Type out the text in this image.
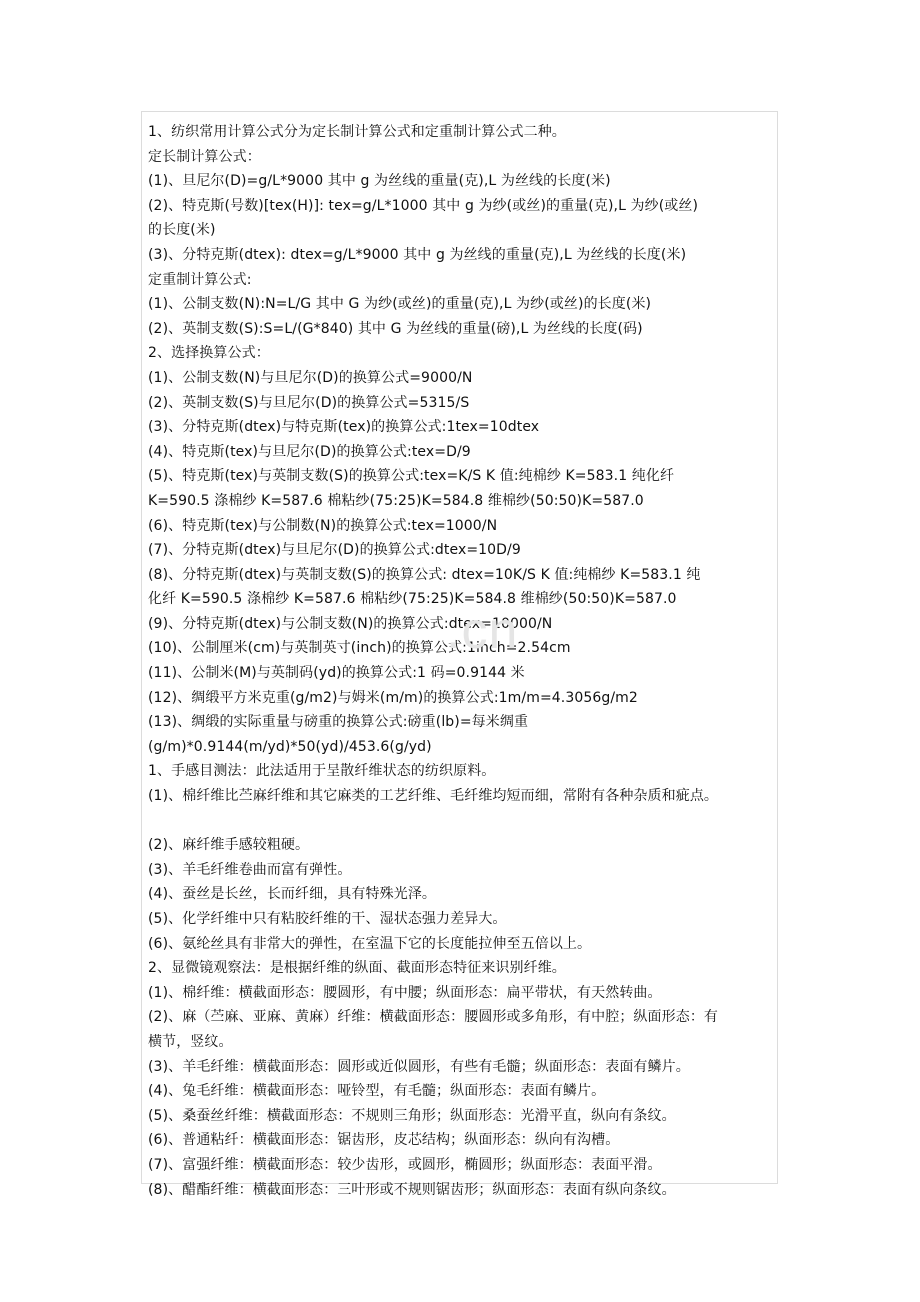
1、纺织常用计算公式分为定长制计算公式和定重制计算公式二种。

定长制计算公式：

(1)、旦尼尔(D)=g/L*9000 其中 g 为丝线的重量(克),L 为丝线的长度(米)

(2)、特克斯(号数)[tex(H)]: tex=g/L*1000 其中 g 为纱(或丝)的重量(克),L 为纱(或丝)

的长度(米)

(3)、分特克斯(dtex): dtex=g/L*9000 其中 g 为丝线的重量(克),L 为丝线的长度(米)

定重制计算公式:

(1)、公制支数(N):N=L/G 其中 G 为纱(或丝)的重量(克),L 为纱(或丝)的长度(米)

(2)、英制支数(S):S=L/(G*840) 其中 G 为丝线的重量(磅),L 为丝线的长度(码)

2、选择换算公式：

(1)、公制支数(N)与旦尼尔(D)的换算公式=9000/N

(2)、英制支数(S)与旦尼尔(D)的换算公式=5315/S

(3)、分特克斯(dtex)与特克斯(tex)的换算公式:1tex=10dtex

(4)、特克斯(tex)与旦尼尔(D)的换算公式:tex=D/9

(5)、特克斯(tex)与英制支数(S)的换算公式:tex=K/S K 值:纯棉纱 K=583.1 纯化纤

K=590.5 涤棉纱 K=587.6 棉粘纱(75:25)K=584.8 维棉纱(50:50)K=587.0

(6)、特克斯(tex)与公制数(N)的换算公式:tex=1000/N

(7)、分特克斯(dtex)与旦尼尔(D)的换算公式:dtex=10D/9

(8)、分特克斯(dtex)与英制支数(S)的换算公式: dtex=10K/S K 值:纯棉纱 K=583.1 纯

化纤 K=590.5 涤棉纱 K=587.6 棉粘纱(75:25)K=584.8 维棉纱(50:50)K=587.0

(9)、分特克斯(dtex)与公制支数(N)的换算公式:dtex=10000/N

(10)、公制厘米(cm)与英制英寸(inch)的换算公式:1inch=2.54cm

(11)、公制米(M)与英制码(yd)的换算公式:1 码=0.9144 米

(12)、绸缎平方米克重(g/m2)与姆米(m/m)的换算公式:1m/m=4.3056g/m2

(13)、绸缎的实际重量与磅重的换算公式:磅重(lb)=每米绸重

(g/m)*0.9144(m/yd)*50(yd)/453.6(g/yd)

1、手感目测法：此法适用于呈散纤维状态的纺织原料。

(1)、棉纤维比苎麻纤维和其它麻类的工艺纤维、毛纤维均短而细，常附有各种杂质和疵点。

(2)、麻纤维手感较粗硬。

(3)、羊毛纤维卷曲而富有弹性。

(4)、蚕丝是长丝，长而纤细，具有特殊光泽。

(5)、化学纤维中只有粘胶纤维的干、湿状态强力差异大。

(6)、氨纶丝具有非常大的弹性，在室温下它的长度能拉伸至五倍以上。

2、显微镜观察法：是根据纤维的纵面、截面形态特征来识别纤维。

(1)、棉纤维：横截面形态：腰圆形，有中腰；纵面形态：扁平带状，有天然转曲。

(2)、麻（苎麻、亚麻、黄麻）纤维：横截面形态：腰圆形或多角形，有中腔；纵面形态：有

横节，竖纹。

(3)、羊毛纤维：横截面形态：圆形或近似圆形，有些有毛髓；纵面形态：表面有鳞片。

(4)、兔毛纤维：横截面形态：哑铃型，有毛髓；纵面形态：表面有鳞片。

(5)、桑蚕丝纤维：横截面形态：不规则三角形；纵面形态：光滑平直，纵向有条纹。

(6)、普通粘纤：横截面形态：锯齿形，皮芯结构；纵面形态：纵向有沟槽。

(7)、富强纤维：横截面形态：较少齿形，或圆形，椭圆形；纵面形态：表面平滑。

(8)、醋酯纤维：横截面形态：三叶形或不规则锯齿形；纵面形态：表面有纵向条纹。

.cn
